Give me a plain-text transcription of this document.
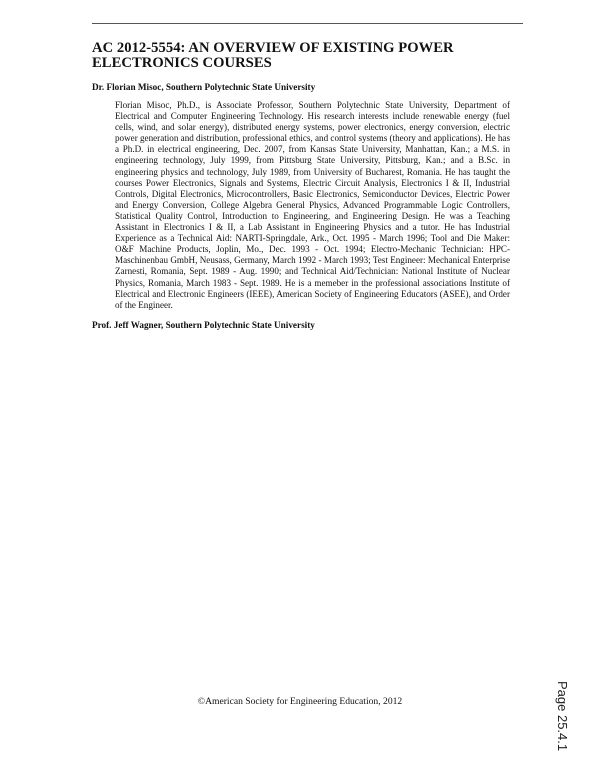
AC 2012-5554: AN OVERVIEW OF EXISTING POWER ELECTRONICS COURSES

Dr. Florian Misoc, Southern Polytechnic State University

Florian Misoc, Ph.D., is Associate Professor, Southern Polytechnic State University, Department of Electrical and Computer Engineering Technology. His research interests include renewable energy (fuel cells, wind, and solar energy), distributed energy systems, power electronics, energy conversion, electric power generation and distribution, professional ethics, and control systems (theory and applications). He has a Ph.D. in electrical engineering, Dec. 2007, from Kansas State University, Manhattan, Kan.; a M.S. in engineering technology, July 1999, from Pittsburg State University, Pittsburg, Kan.; and a B.Sc. in engineering physics and technology, July 1989, from University of Bucharest, Romania. He has taught the courses Power Electronics, Signals and Systems, Electric Circuit Analysis, Electronics I & II, Industrial Controls, Digital Electronics, Microcontrollers, Basic Electronics, Semiconductor Devices, Electric Power and Energy Conversion, College Algebra General Physics, Advanced Programmable Logic Controllers, Statistical Quality Control, Introduction to Engineering, and Engineering Design. He was a Teaching Assistant in Electronics I & II, a Lab Assistant in Engineering Physics and a tutor. He has Industrial Experience as a Technical Aid: NARTI-Springdale, Ark., Oct. 1995 - March 1996; Tool and Die Maker: O&F Machine Products, Joplin, Mo., Dec. 1993 - Oct. 1994; Electro-Mechanic Technician: HPC-Maschinenbau GmbH, Neusass, Germany, March 1992 - March 1993; Test Engineer: Mechanical Enterprise Zarnesti, Romania, Sept. 1989 - Aug. 1990; and Technical Aid/Technician: National Institute of Nuclear Physics, Romania, March 1983 - Sept. 1989. He is a memeber in the professional associations Institute of Electrical and Electronic Engineers (IEEE), American Society of Engineering Educators (ASEE), and Order of the Engineer.

Prof. Jeff Wagner, Southern Polytechnic State University

©American Society for Engineering Education, 2012	Page 25.4.1
